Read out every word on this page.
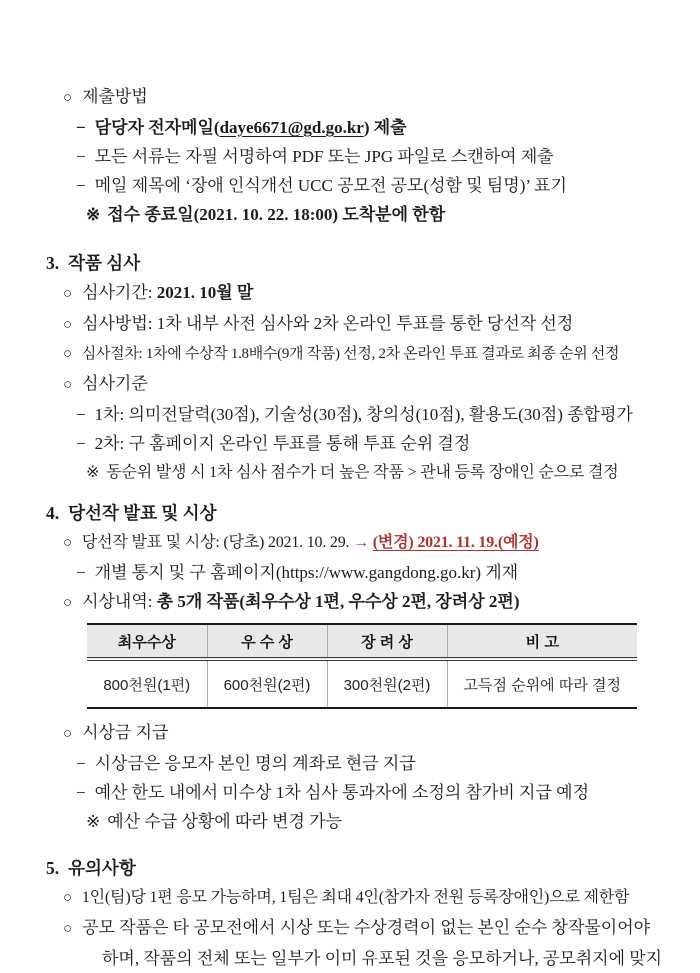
○ 제출방법
− 담당자 전자메일(daye6671@gd.go.kr) 제출
− 모든 서류는 자필 서명하여 PDF 또는 JPG 파일로 스캔하여 제출
− 메일 제목에 ‘장애 인식개선 UCC 공모전 공모(성함 및 팀명)’ 표기
※ 접수 종료일(2021. 10. 22. 18:00) 도착분에 한함
3. 작품 심사
○ 심사기간: 2021. 10월 말
○ 심사방법: 1차 내부 사전 심사와 2차 온라인 투표를 통한 당선작 선정
○ 심사절차: 1차에 수상작 1.8배수(9개 작품) 선정, 2차 온라인 투표 결과로 최종 순위 선정
○ 심사기준
− 1차: 의미전달력(30점), 기술성(30점), 창의성(10점), 활용도(30점) 종합평가
− 2차: 구 홈페이지 온라인 투표를 통해 투표 순위 결정
※ 동순위 발생 시 1차 심사 점수가 더 높은 작품 > 관내 등록 장애인 순으로 결정
4. 당선작 발표 및 시상
○ 당선작 발표 및 시상: (당초) 2021. 10. 29. → (변경) 2021. 11. 19.(예정)
− 개별 통지 및 구 홈페이지(https://www.gangdong.go.kr) 게재
○ 시상내역: 총 5개 작품(최우수상 1편, 우수상 2편, 장려상 2편)
최우수상	우 수 상	장 려 상	비 고
800천원(1편)	600천원(2편)	300천원(2편)	고득점 순위에 따라 결정
○ 시상금 지급
− 시상금은 응모자 본인 명의 계좌로 현금 지급
− 예산 한도 내에서 미수상 1차 심사 통과자에 소정의 참가비 지급 예정
※ 예산 수급 상황에 따라 변경 가능
5. 유의사항
○ 1인(팀)당 1편 응모 가능하며, 1팀은 최대 4인(참가자 전원 등록장애인)으로 제한함
○ 공모 작품은 타 공모전에서 시상 또는 수상경력이 없는 본인 순수 창작물이어야
하며, 작품의 전체 또는 일부가 이미 유포된 것을 응모하거나, 공모취지에 맞지
